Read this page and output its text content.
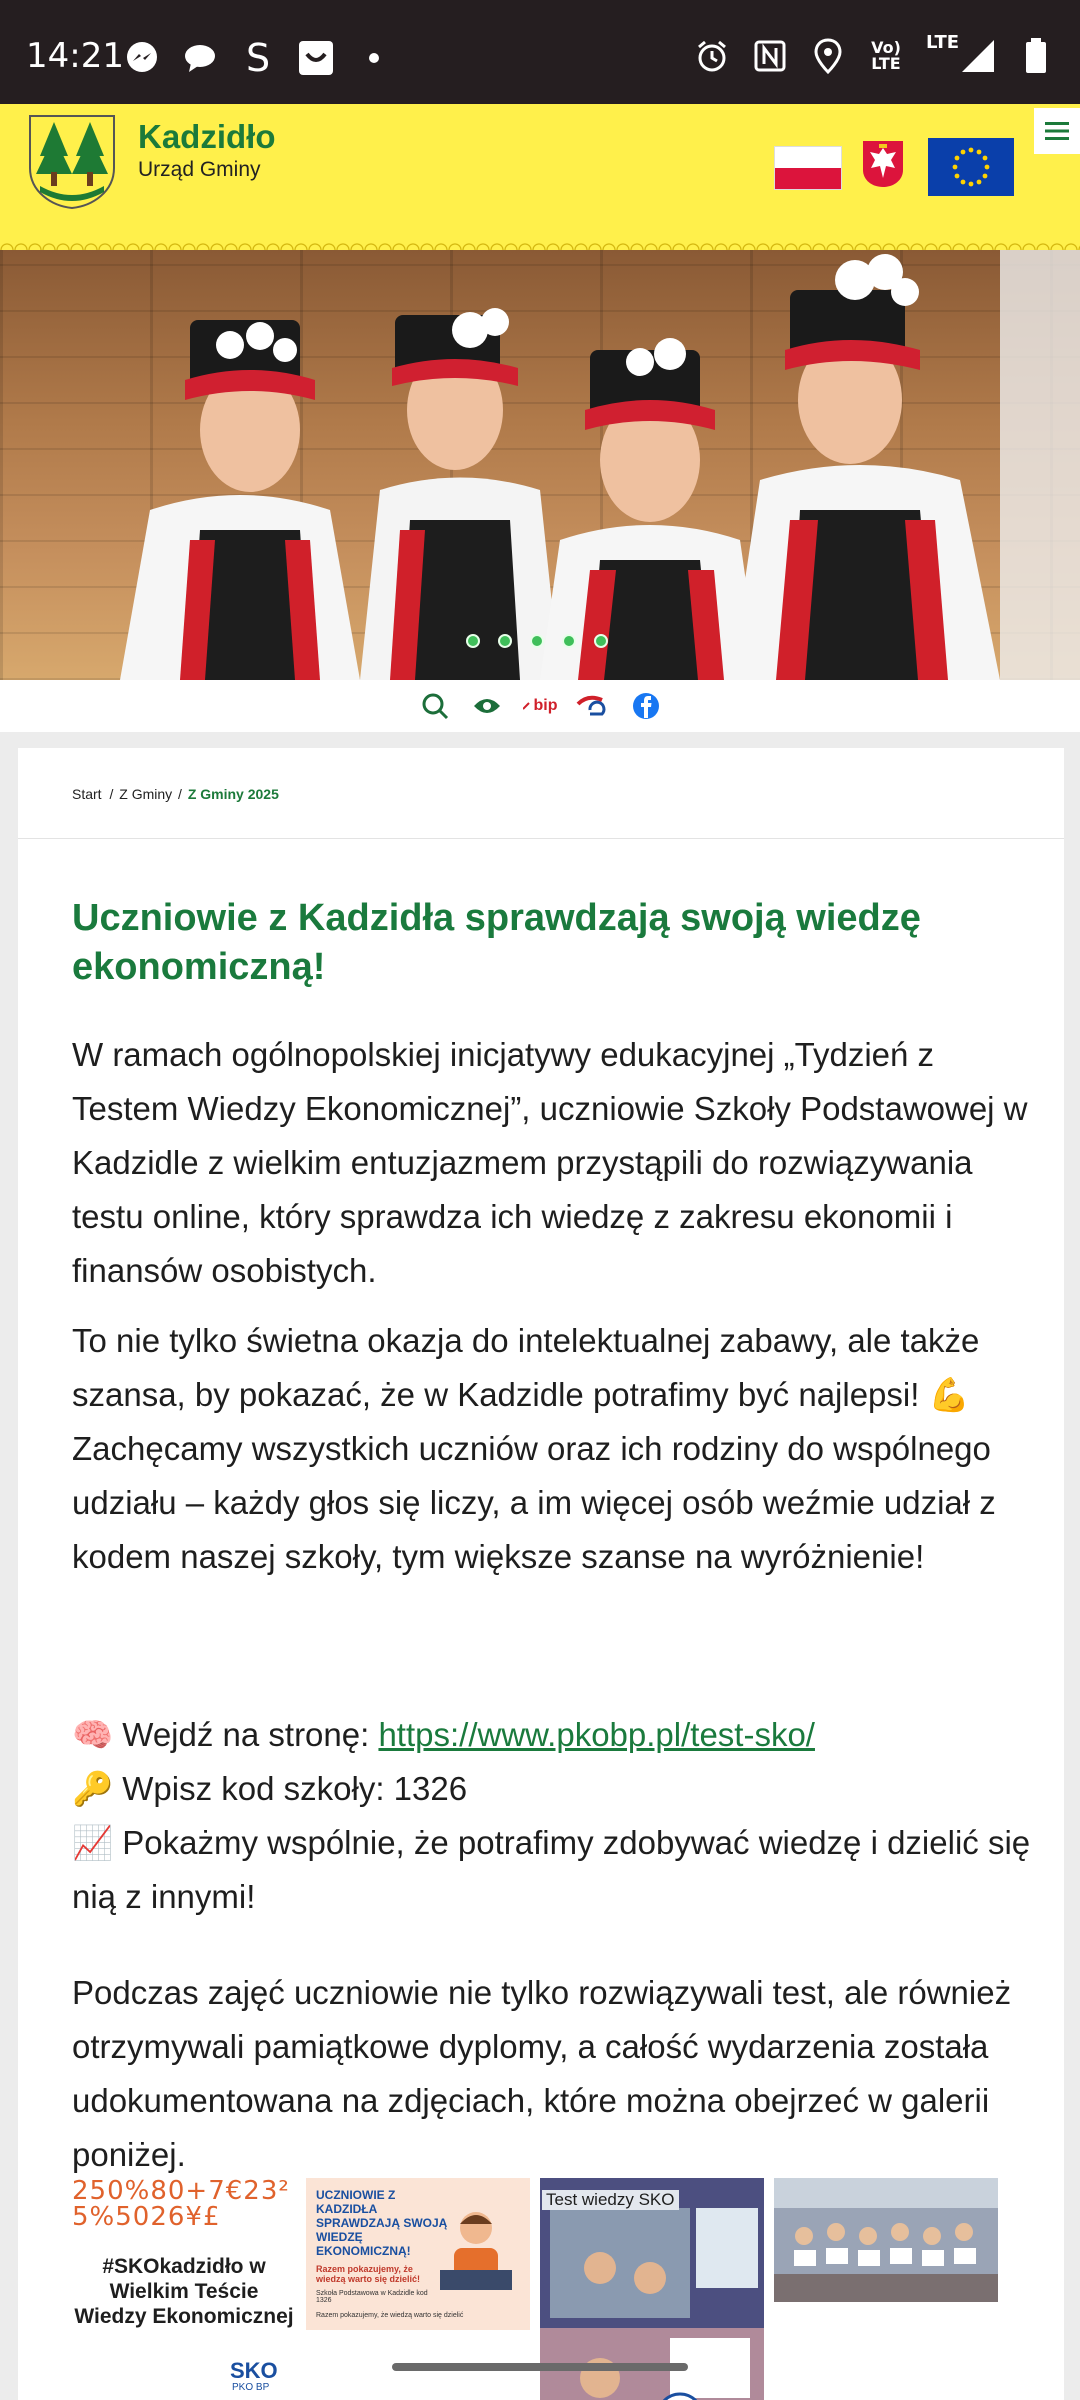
14:21	S	Vo)
LTE
LTE
Kadzidło
Urząd Gminy
bip
Start / Z Gminy / Z Gminy 2025
Uczniowie z Kadzidła sprawdzają swoją wiedzę ekonomiczną!

W ramach ogólnopolskiej inicjatywy edukacyjnej „Tydzień z Testem Wiedzy Ekonomicznej”, uczniowie Szkoły Podstawowej w Kadzidle z wielkim entuzjazmem przystąpili do rozwiązywania testu online, który sprawdza ich wiedzę z zakresu ekonomii i finansów osobistych.

To nie tylko świetna okazja do intelektualnej zabawy, ale także szansa, by pokazać, że w Kadzidle potrafimy być najlepsi! 💪
Zachęcamy wszystkich uczniów oraz ich rodziny do wspólnego udziału – każdy głos się liczy, a im więcej osób weźmie udział z kodem naszej szkoły, tym większe szanse na wyróżnienie!

🧠 Wejdź na stronę: https://www.pkobp.pl/test-sko/
🔑 Wpisz kod szkoły: 1326
📈 Pokażmy wspólnie, że potrafimy zdobywać wiedzę i dzielić się nią z innymi!

Podczas zajęć uczniowie nie tylko rozwiązywali test, ale również otrzymywali pamiątkowe dyplomy, a całość wydarzenia została udokumentowana na zdjęciach, które można obejrzeć w galerii poniżej.

250%80+7€23²5%5026¥£
#SKOkadzidło w Wielkim Teście Wiedzy Ekonomicznej
SKO
PKO BP
UCZNIOWIE Z KADZIDŁA SPRAWDZAJĄ SWOJĄ WIEDZĘ EKONOMICZNĄ!
Razem pokazujemy, że wiedzą warto się dzielić!
Szkoła Podstawowa w Kadzidle kod 1326
Razem pokazujemy, że wiedzą warto się dzielić
Test wiedzy SKO
